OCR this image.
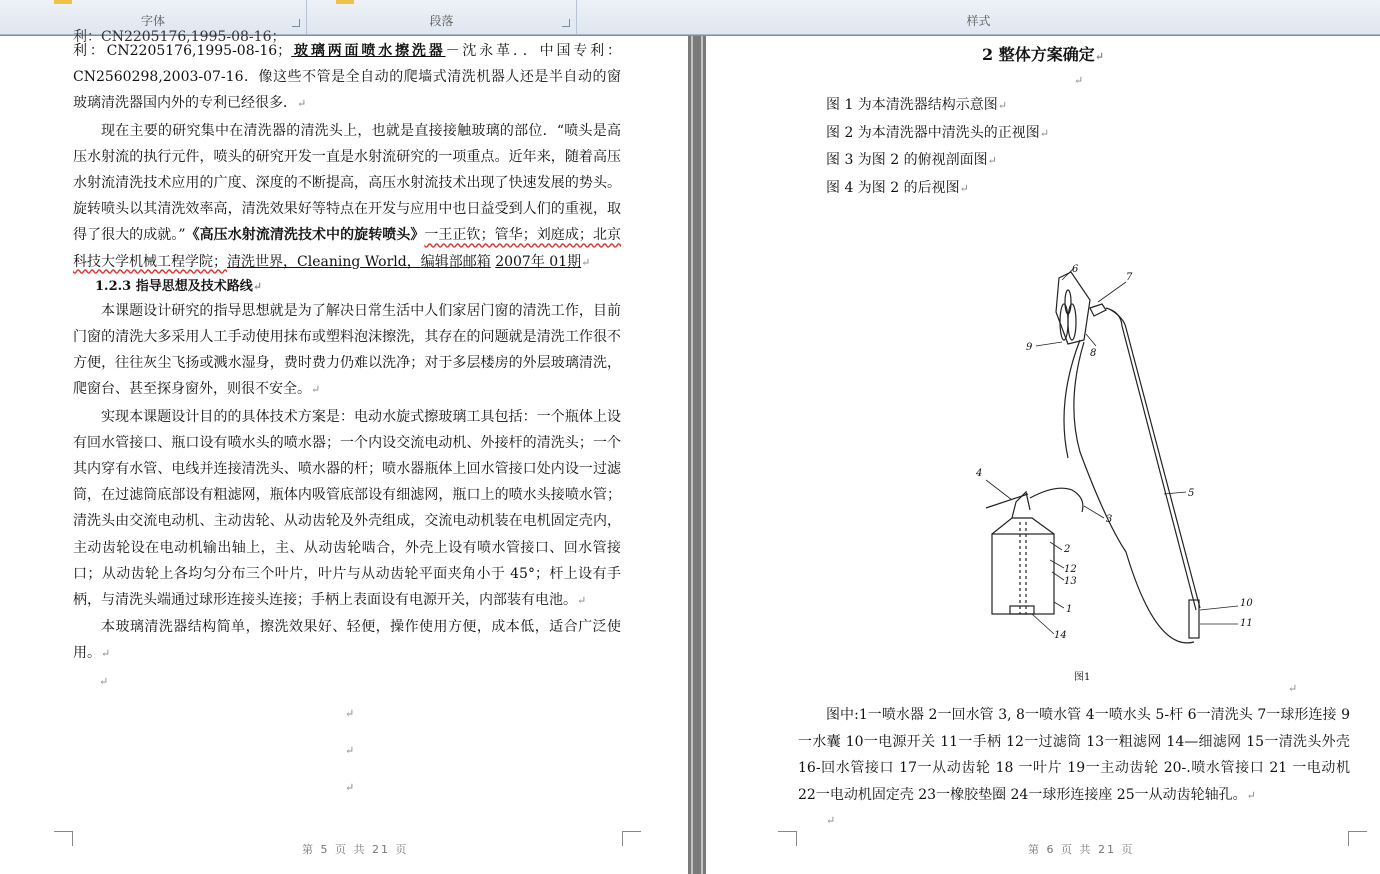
字体	段落	样式

利：CN2205176,1995-08-16；

利：CN2205176,1995-08-16；玻璃两面喷水擦洗器－沈永革．．中国专利：CN2560298,2003-07-16．像这些不管是全自动的爬墙式清洗机器人还是半自动的窗玻璃清洗器国内外的专利已经很多．↵

现在主要的研究集中在清洗器的清洗头上，也就是直接接触玻璃的部位．“喷头是高压水射流的执行元件，喷头的研究开发一直是水射流研究的一项重点。近年来，随着高压水射流清洗技术应用的广度、深度的不断提高，高压水射流技术出现了快速发展的势头。旋转喷头以其清洗效率高，清洗效果好等特点在开发与应用中也日益受到人们的重视，取得了很大的成就。”《高压水射流清洗技术中的旋转喷头》一王正钦；管华；刘庭成；北京科技大学机械工程学院；清洗世界，Cleaning World，编辑部邮箱 2007年 01期↵

1.2.3 指导思想及技术路线↵

本课题设计研究的指导思想就是为了解决日常生活中人们家居门窗的清洗工作，目前门窗的清洗大多采用人工手动使用抹布或塑料泡沫擦洗，其存在的问题就是清洗工作很不方便，往往灰尘飞扬或溅水湿身，费时费力仍难以洗净；对于多层楼房的外层玻璃清洗，爬窗台、甚至探身窗外，则很不安全。↵

实现本课题设计目的的具体技术方案是：电动水旋式擦玻璃工具包括：一个瓶体上设有回水管接口、瓶口设有喷水头的喷水器；一个内设交流电动机、外接杆的清洗头；一个其内穿有水管、电线并连接清洗头、喷水器的杆；喷水器瓶体上回水管接口处内设一过滤筒，在过滤筒底部设有粗滤网，瓶体内吸管底部设有细滤网，瓶口上的喷水头接喷水管；清洗头由交流电动机、主动齿轮、从动齿轮及外壳组成，交流电动机装在电机固定壳内，主动齿轮设在电动机输出轴上，主、从动齿轮啮合，外壳上设有喷水管接口、回水管接口；从动齿轮上各均匀分布三个叶片，叶片与从动齿轮平面夹角小于 45°；杆上设有手柄，与清洗头端通过球形连接头连接；手柄上表面设有电源开关，内部装有电池。↵

本玻璃清洗器结构简单，擦洗效果好、轻便，操作使用方便，成本低，适合广泛使用。↵

↵

↵

↵

↵

第 5 页 共 21 页
2 整体方案确定↵
↵
图 1 为本清洗器结构示意图↵
图 2 为本清洗器中清洗头的正视图↵
图 3 为图 2 的俯视剖面图↵
图 4 为图 2 的后视图↵
6
7
8
9
4
3
5
2
12
13
1
14
10
11
图1
↵
图中:1一喷水器 2一回水管 3, 8一喷水管 4一喷水头 5-杆 6一清洗头 7一球形连接 9一水囊 10一电源开关 11一手柄 12一过滤筒 13一粗滤网 14—细滤网 15一清洗头外壳 16-回水管接口 17一从动齿轮 18 一叶片 19一主动齿轮 20-.喷水管接口 21 一电动机 22一电动机固定壳 23一橡胶垫圈 24一球形连接座 25一从动齿轮轴孔。↵
↵
第 6 页 共 21 页
